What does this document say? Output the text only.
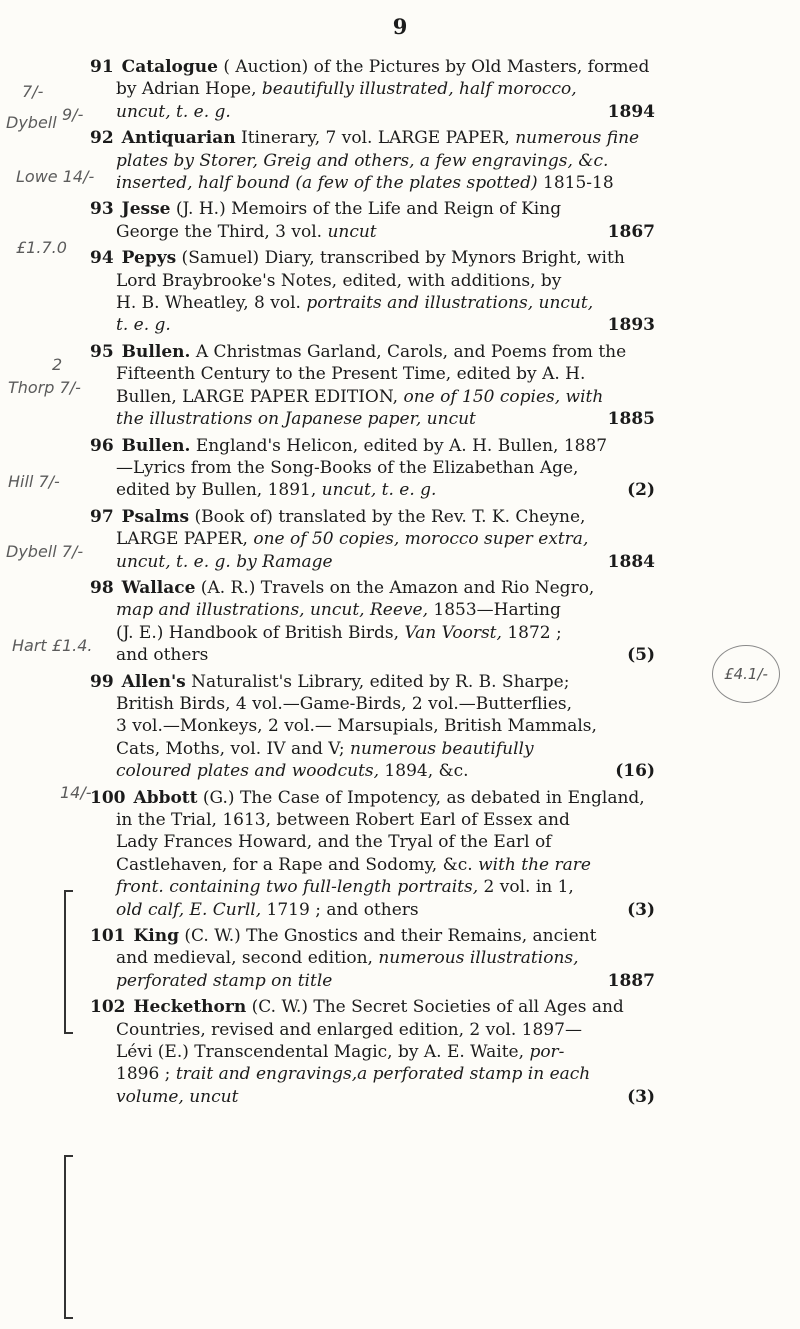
9
91 Catalogue ( Auction) of the Pictures by Old Masters, formed
by Adrian Hope, beautifully illustrated, half morocco,
uncut, t. e. g.	1894
92 Antiquarian Itinerary, 7 vol. LARGE PAPER, numerous fine
plates by Storer, Greig and others, a few engravings, &c.
inserted, half bound (a few of the plates spotted) 1815-18
93 Jesse (J. H.) Memoirs of the Life and Reign of King
George the Third, 3 vol. uncut	1867
94 Pepys (Samuel) Diary, transcribed by Mynors Bright, with
Lord Braybrooke's Notes, edited, with additions, by
H. B. Wheatley, 8 vol. portraits and illustrations, uncut,
t. e. g.	1893
95 Bullen. A Christmas Garland, Carols, and Poems from the
Fifteenth Century to the Present Time, edited by A. H.
Bullen, LARGE PAPER EDITION, one of 150 copies, with
the illustrations on Japanese paper, uncut	1885
96 Bullen. England's Helicon, edited by A. H. Bullen, 1887
—Lyrics from the Song-Books of the Elizabethan Age,
edited by Bullen, 1891, uncut, t. e. g.	(2)
97 Psalms (Book of) translated by the Rev. T. K. Cheyne,
LARGE PAPER, one of 50 copies, morocco super extra,
uncut, t. e. g. by Ramage	1884
98 Wallace (A. R.) Travels on the Amazon and Rio Negro,
map and illustrations, uncut, Reeve, 1853—Harting
(J. E.) Handbook of British Birds, Van Voorst, 1872 ;
and others	(5)
99 Allen's Naturalist's Library, edited by R. B. Sharpe;
British Birds, 4 vol.—Game-Birds, 2 vol.—Butterflies,
3 vol.—Monkeys, 2 vol.— Marsupials, British Mammals,
Cats, Moths, vol. IV and V; numerous beautifully
coloured plates and woodcuts, 1894, &c.	(16)
100 Abbott (G.) The Case of Impotency, as debated in England,
in the Trial, 1613, between Robert Earl of Essex and
Lady Frances Howard, and the Tryal of the Earl of
Castlehaven, for a Rape and Sodomy, &c. with the rare
front. containing two full-length portraits, 2 vol. in 1,
old calf, E. Curll, 1719 ; and others	(3)
101 King (C. W.) The Gnostics and their Remains, ancient
and medieval, second edition, numerous illustrations,
perforated stamp on title	1887
102 Heckethorn (C. W.) The Secret Societies of all Ages and
Countries, revised and enlarged edition, 2 vol. 1897—
Lévi (E.) Transcendental Magic, by A. E. Waite, por-
1896 ; trait and engravings,a perforated stamp in each
volume, uncut	(3)
7/-
9/-
Dybell
Lowe 14/-
£1.7.0
2
Thorp 7/-
Hill 7/-
Dybell 7/-
Hart £1.4.
14/-
£4.1/-
